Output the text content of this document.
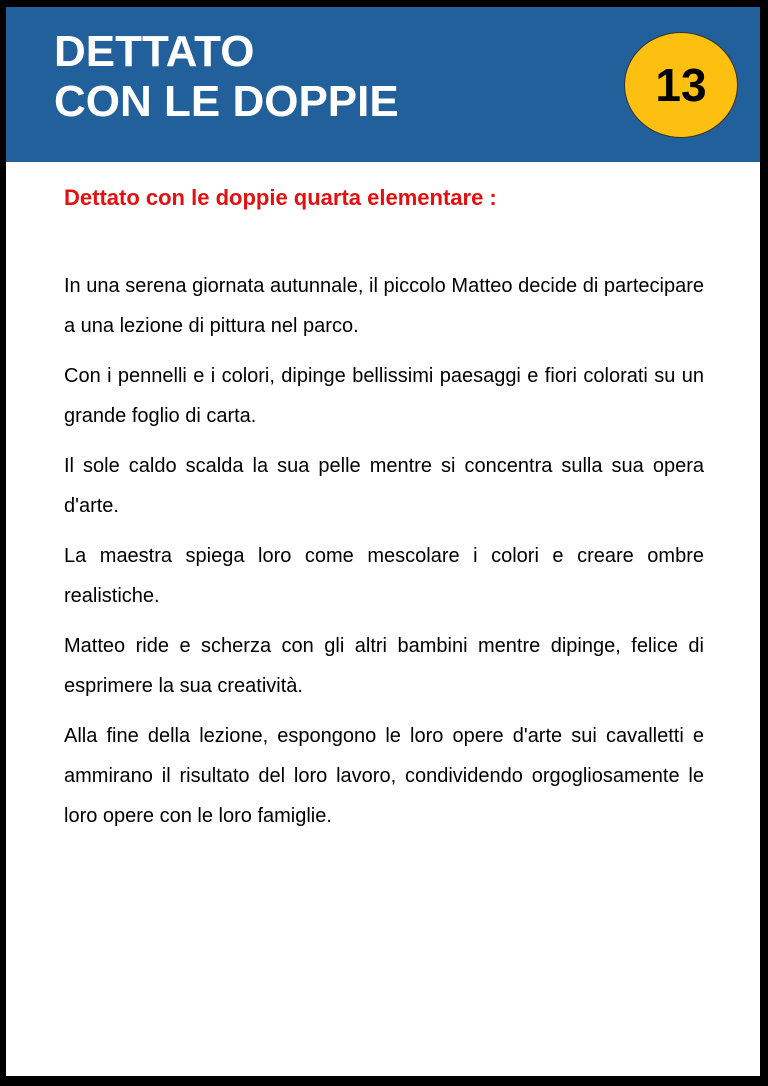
DETTATO
CON LE DOPPIE	13
Dettato con le doppie quarta elementare :

In una serena giornata autunnale, il piccolo Matteo decide di partecipare a una lezione di pittura nel parco.

Con i pennelli e i colori, dipinge bellissimi paesaggi e fiori colorati su un grande foglio di carta.

Il sole caldo scalda la sua pelle mentre si concentra sulla sua opera d'arte.

La maestra spiega loro come mescolare i colori e creare ombre realistiche.

Matteo ride e scherza con gli altri bambini mentre dipinge, felice di esprimere la sua creatività.

Alla fine della lezione, espongono le loro opere d'arte sui cavalletti e ammirano il risultato del loro lavoro, condividendo orgogliosamente le loro opere con le loro famiglie.
